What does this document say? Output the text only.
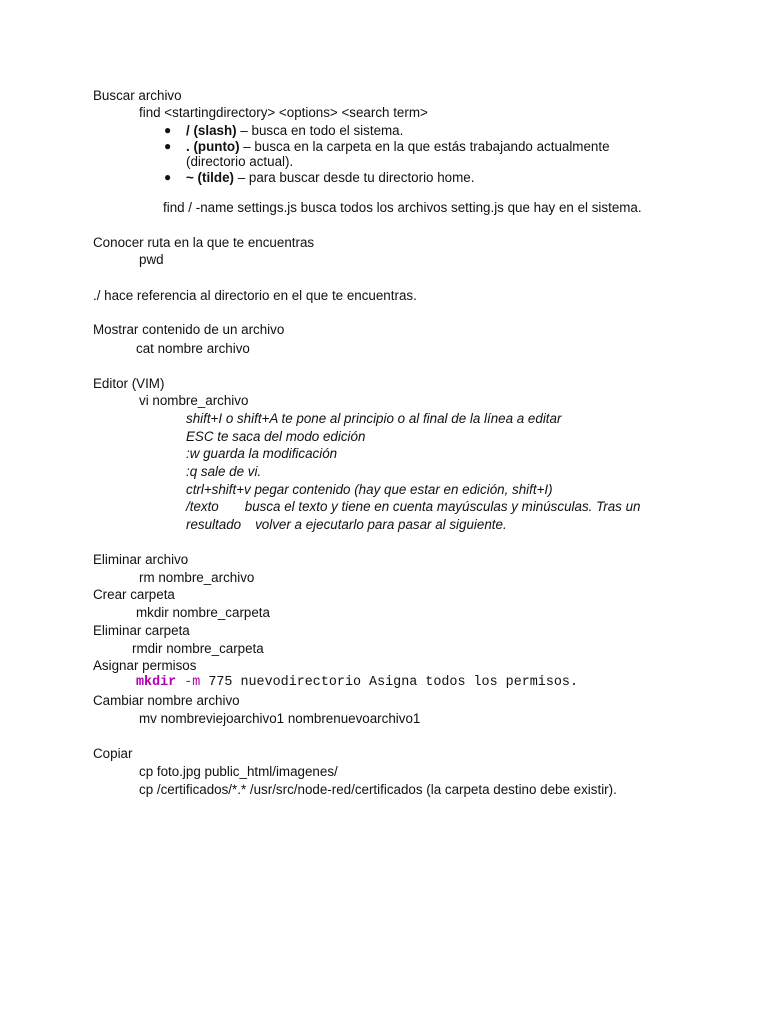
Buscar archivo
find <startingdirectory> <options> <search term>
● / (slash) – busca en todo el sistema.
● . (punto) – busca en la carpeta en la que estás trabajando actualmente
(directorio actual).
● ~ (tilde) – para buscar desde tu directorio home.
find / -name settings.js busca todos los archivos setting.js que hay en el sistema.
Conocer ruta en la que te encuentras
pwd
./ hace referencia al directorio en el que te encuentras.
Mostrar contenido de un archivo
cat nombre archivo
Editor (VIM)
vi nombre_archivo
shift+I o shift+A te pone al principio o al final de la línea a editar
ESC te saca del modo edición
:w guarda la modificación
:q sale de vi.
ctrl+shift+v pegar contenido (hay que estar en edición, shift+I)
/texto busca el texto y tiene en cuenta mayúsculas y minúsculas. Tras un
resultado volver a ejecutarlo para pasar al siguiente.
Eliminar archivo
rm nombre_archivo
Crear carpeta
mkdir nombre_carpeta
Eliminar carpeta
rmdir nombre_carpeta
Asignar permisos
mkdir -m 775 nuevodirectorio Asigna todos los permisos.
Cambiar nombre archivo
mv nombreviejoarchivo1 nombrenuevoarchivo1
Copiar
cp foto.jpg public_html/imagenes/
cp /certificados/*.* /usr/src/node-red/certificados (la carpeta destino debe existir).
